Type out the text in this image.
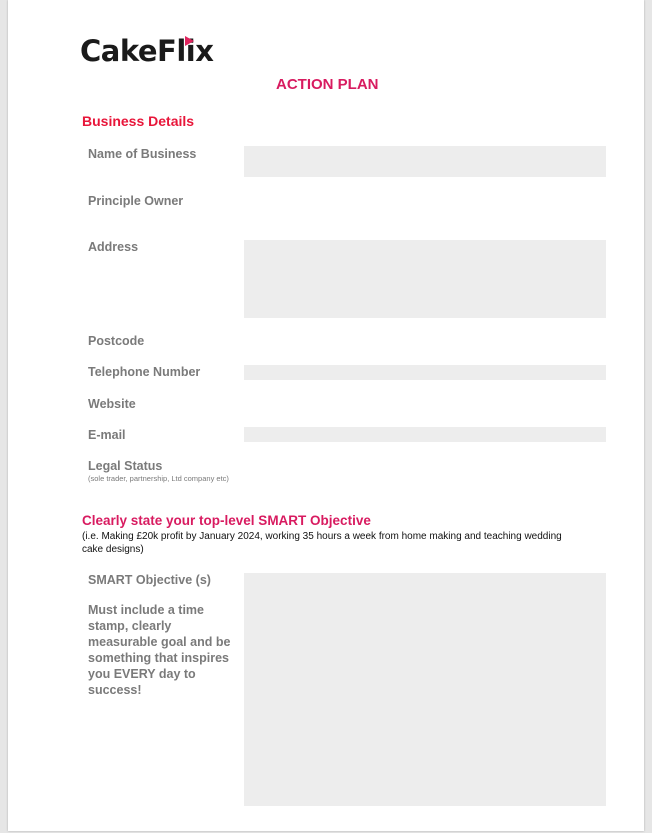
CakeFlix
ACTION PLAN
Business Details
Name of Business
Principle Owner
Address
Postcode
Telephone Number
Website
E-mail
Legal Status
(sole trader, partnership, Ltd company etc)
Clearly state your top-level SMART Objective
(i.e. Making £20k profit by January 2024, working 35 hours a week from home making and teaching wedding cake designs)
SMART Objective (s)
Must include a time stamp, clearly measurable goal and be something that inspires you EVERY day to success!
